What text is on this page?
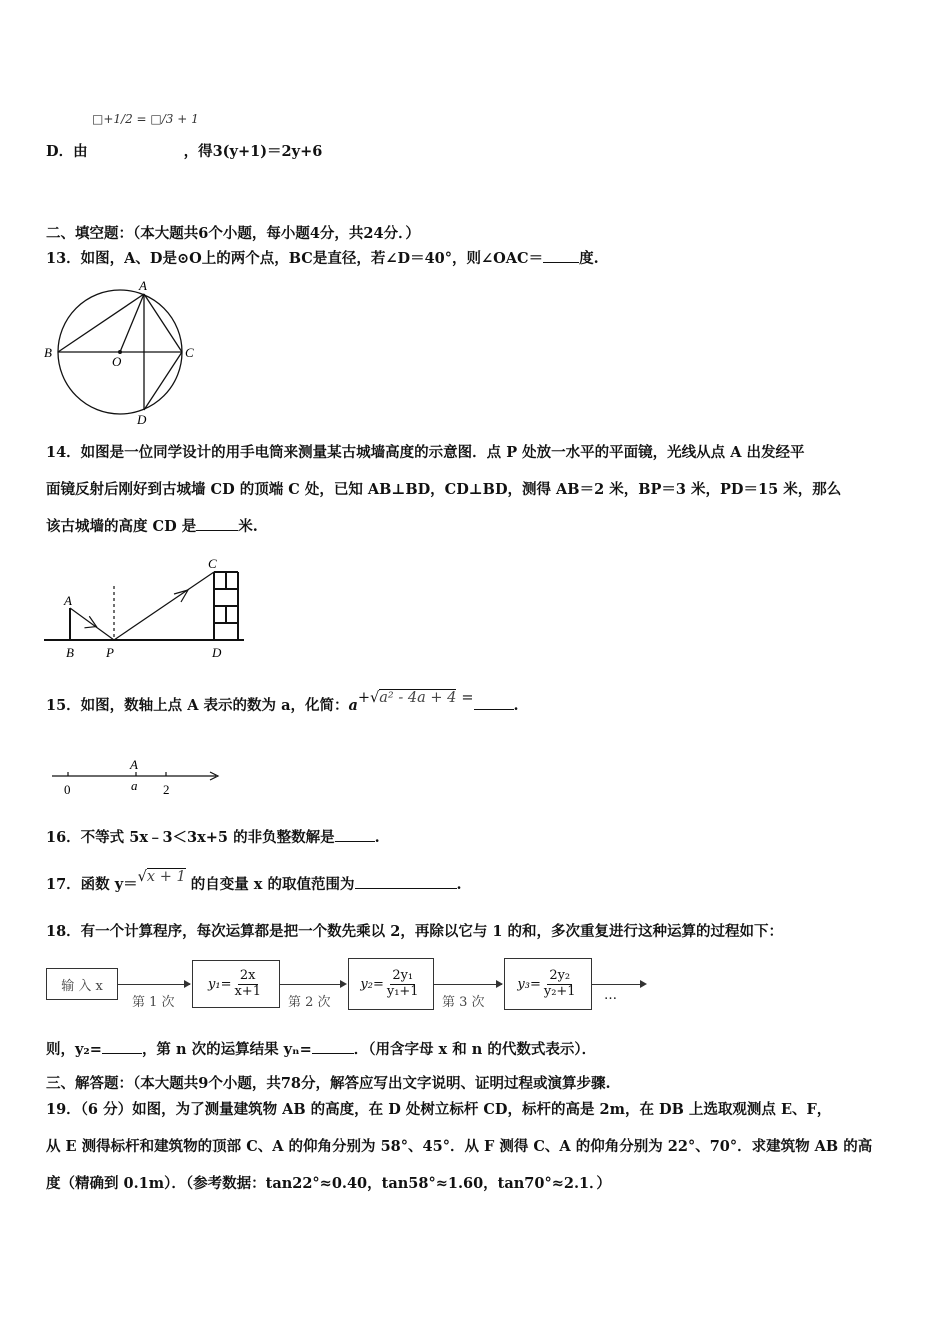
□+1/2 = □/3 + 1
D．由	，得3(y+1)＝2y+6
二、填空题：（本大题共6个小题，每小题4分，共24分．）
13．如图，A、D是⊙O上的两个点，BC是直径，若∠D＝40°，则∠OAC＝ 度.
A
B	C
D
O
14．如图是一位同学设计的用手电筒来测量某古城墙高度的示意图．点 P 处放一水平的平面镜，光线从点 A 出发经平
面镜反射后刚好到古城墙 CD 的顶端 C 处，已知 AB⊥BD，CD⊥BD，测得 AB＝2 米，BP＝3 米，PD＝15 米，那么
该古城墙的高度 CD 是	米.
A
B P
C
D
15．如图，数轴上点 A 表示的数为 a，化简：a+√a² - 4a + 4 =	.
A
0	a 2
16．不等式 5x﹣3＜3x+5 的非负整数解是	.
17．函数 y＝√x + 1 的自变量 x 的取值范围为	.
18．有一个计算程序，每次运算都是把一个数先乘以 2，再除以它与 1 的和，多次重复进行这种运算的过程如下：
输 入 x
第 1 次
$y_1= \frac{2x}{x+1}$
第 2 次
$y_2= \frac{\text{2y₁}}{\text{y₁+1}}$
第 3 次
$y_3= \frac{\text{2y₂}}{\text{y₂+1}}$ …
则，y₂=	，第 n 次的运算结果 yₙ=	．（用含字母 x 和 n 的代数式表示）．
三、解答题：（本大题共9个小题，共78分，解答应写出文字说明、证明过程或演算步骤.
19．（6 分）如图，为了测量建筑物 AB 的高度，在 D 处树立标杆 CD，标杆的高是 2m，在 DB 上选取观测点 E、F，
从 E 测得标杆和建筑物的顶部 C、A 的仰角分别为 58°、45°．从 F 测得 C、A 的仰角分别为 22°、70°．求建筑物 AB 的高
度（精确到 0.1m）．（参考数据：tan22°≈0.40，tan58°≈1.60，tan70°≈2.1．）
